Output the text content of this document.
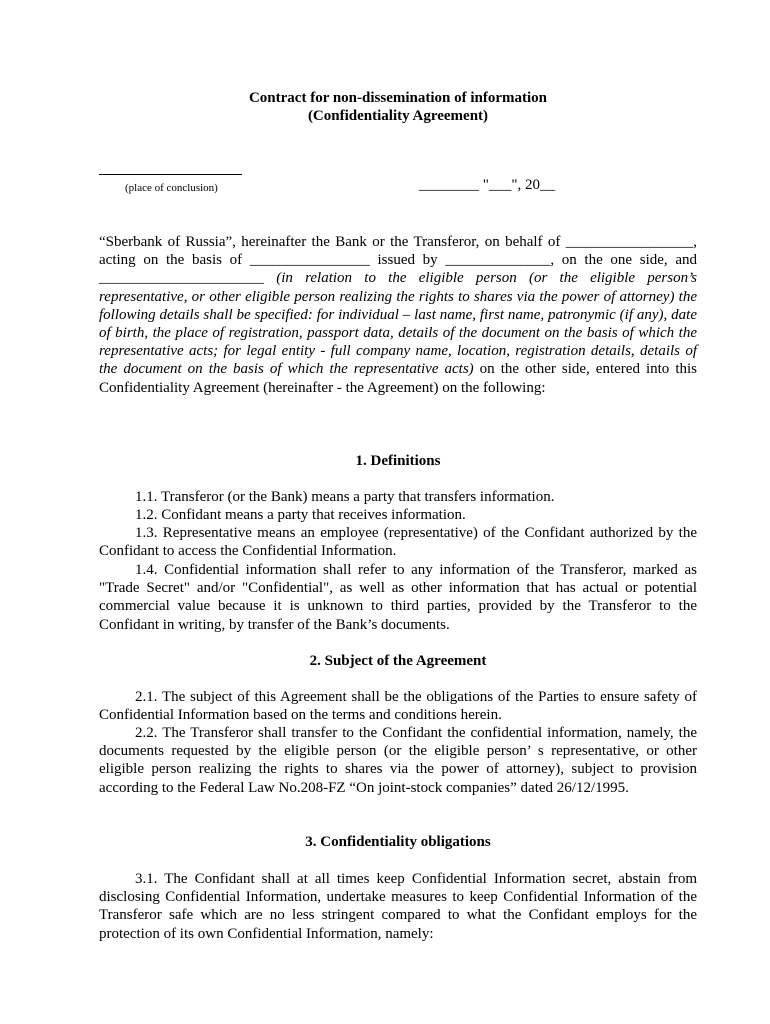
Contract for non-dissemination of information
(Confidentiality Agreement)
(place of conclusion)	________ "___", 20__

“Sberbank of Russia”, hereinafter the Bank or the Transferor, on behalf of _________________, acting on the basis of ________________ issued by ______________, on the one side, and ______________________ (in relation to the eligible person (or the eligible person’s representative, or other eligible person realizing the rights to shares via the power of attorney) the following details shall be specified: for individual – last name, first name, patronymic (if any), date of birth, the place of registration, passport data, details of the document on the basis of which the representative acts; for legal entity - full company name, location, registration details, details of the document on the basis of which the representative acts) on the other side, entered into this Confidentiality Agreement (hereinafter - the Agreement) on the following:

1. Definitions

1.1. Transferor (or the Bank) means a party that transfers information.

1.2. Confidant means a party that receives information.

1.3. Representative means an employee (representative) of the Confidant authorized by the Confidant to access the Confidential Information.

1.4. Confidential information shall refer to any information of the Transferor, marked as "Trade Secret" and/or "Confidential", as well as other information that has actual or potential commercial value because it is unknown to third parties, provided by the Transferor to the Confidant in writing, by transfer of the Bank’s documents.

2. Subject of the Agreement

2.1. The subject of this Agreement shall be the obligations of the Parties to ensure safety of Confidential Information based on the terms and conditions herein.

2.2. The Transferor shall transfer to the Confidant the confidential information, namely, the documents requested by the eligible person (or the eligible person’ s representative, or other eligible person realizing the rights to shares via the power of attorney), subject to provision according to the Federal Law No.208-FZ “On joint-stock companies” dated 26/12/1995.

3. Confidentiality obligations

3.1. The Confidant shall at all times keep Confidential Information secret, abstain from disclosing Confidential Information, undertake measures to keep Confidential Information of the Transferor safe which are no less stringent compared to what the Confidant employs for the protection of its own Confidential Information, namely:
